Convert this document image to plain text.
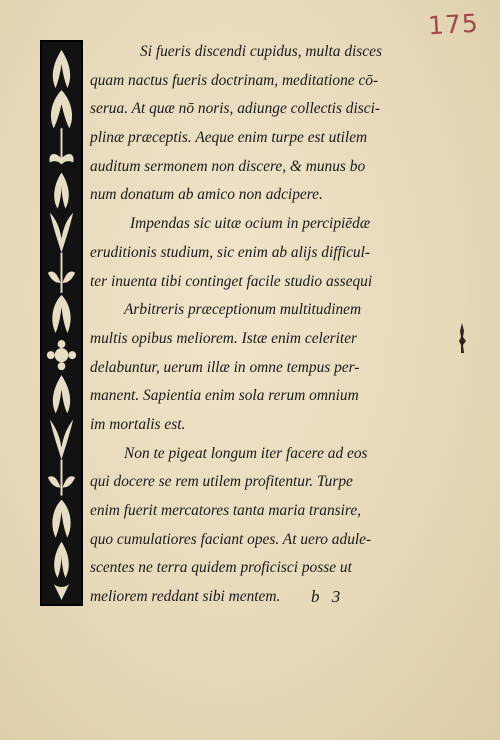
175
Si fueris discendi cupidus, multa disces
quam nactus fueris doctrinam, meditatione cō-
serua. At quæ nō noris, adiunge collectis disci-
plinæ præceptis. Aeque enim turpe est utilem
auditum sermonem non discere, & munus bo
num donatum ab amico non adcipere.
Impendas sic uitæ ocium in percipiēdæ
eruditionis studium, sic enim ab alijs difficul-
ter inuenta tibi continget facile studio assequi
Arbitreris præceptionum multitudinem
multis opibus meliorem. Istæ enim celeriter
delabuntur, uerum illæ in omne tempus per-
manent. Sapientia enim sola rerum omnium
im mortalis est.
Non te pigeat longum iter facere ad eos
qui docere se rem utilem profitentur. Turpe
enim fuerit mercatores tanta maria transire,
quo cumulatiores faciant opes. At uero adule-
scentes ne terra quidem proficisci posse ut
meliorem reddant sibi mentem.	b 3
